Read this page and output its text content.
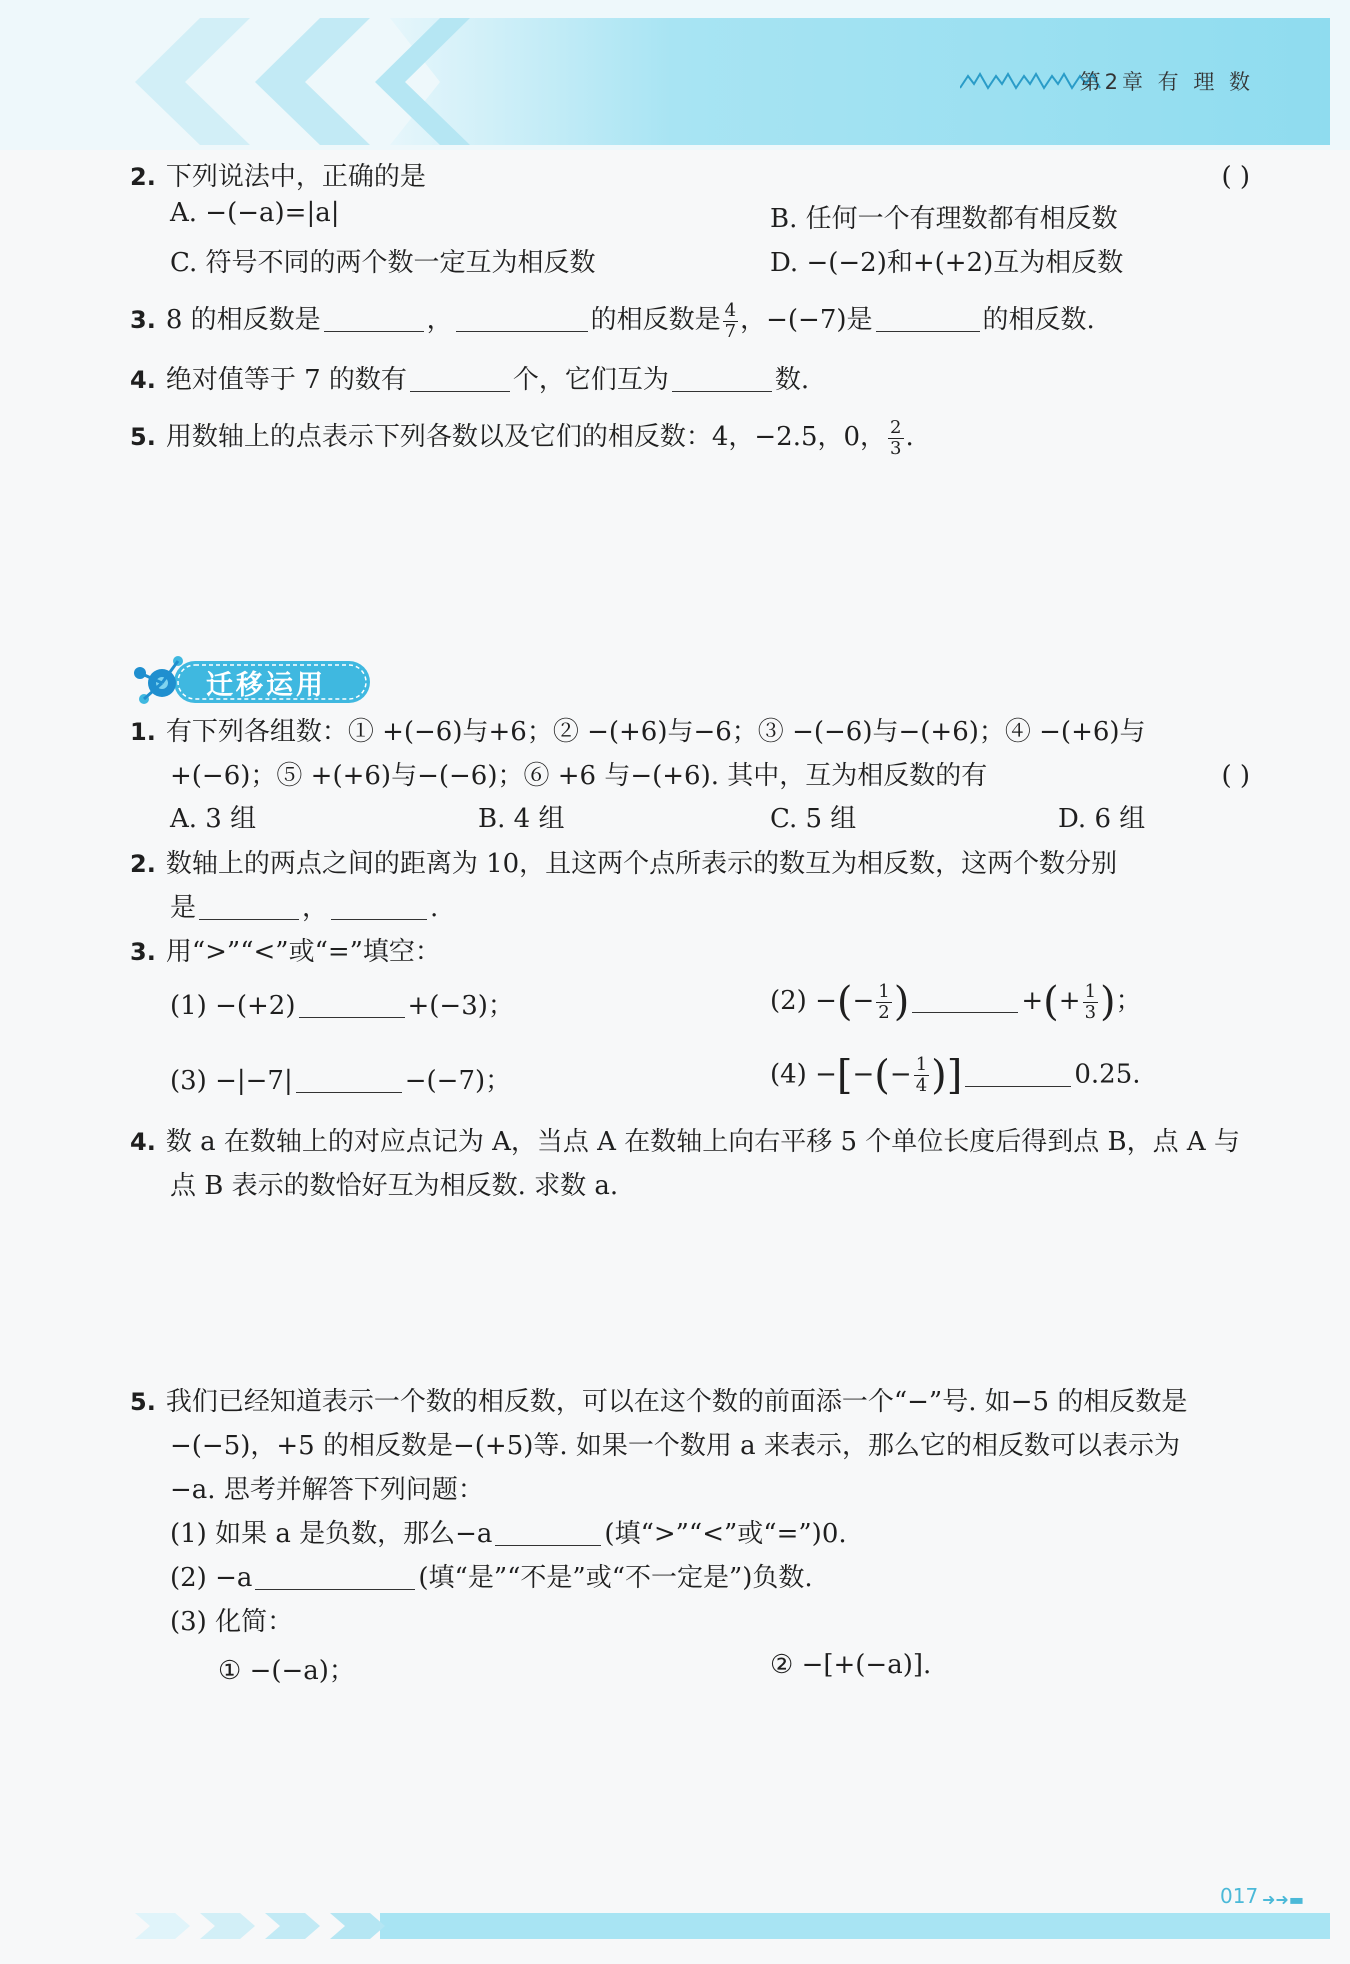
第2章 有 理 数
2. 下列说法中，正确的是	( )
A. −(−a)=|a|	B. 任何一个有理数都有相反数
C. 符号不同的两个数一定互为相反数	D. −(−2)和+(+2)互为相反数
3. 8 的相反数是	，	的相反数是 $\frac{4}{7}$ ，−(−7)是	的相反数.
4. 绝对值等于 7 的数有	个，它们互为	数.
5. 用数轴上的点表示下列各数以及它们的相反数：4，−2.5，0， $\frac{2}{3}$ .
迁移运用
1. 有下列各组数：① +(−6)与+6；② −(+6)与−6；③ −(−6)与−(+6)；④ −(+6)与
+(−6)；⑤ +(+6)与−(−6)；⑥ +6 与−(+6). 其中，互为相反数的有	( )
A. 3 组	B. 4 组	C. 5 组	D. 6 组
2. 数轴上的两点之间的距离为 10，且这两个点所表示的数互为相反数，这两个数分别
是	，	.
3. 用“>”“<”或“=”填空：
(1) −(+2)	+(−3)；	(2) −(− $\frac{1}{2}$ )	+(+ $\frac{1}{3}$ )；
(3) −|−7|	−(−7)；	(4) −[−(− $\frac{1}{4}$ )]	0.25.
4. 数 a 在数轴上的对应点记为 A，当点 A 在数轴上向右平移 5 个单位长度后得到点 B，点 A 与
点 B 表示的数恰好互为相反数. 求数 a.
5. 我们已经知道表示一个数的相反数，可以在这个数的前面添一个“−”号. 如−5 的相反数是
−(−5)，+5 的相反数是−(+5)等. 如果一个数用 a 来表示，那么它的相反数可以表示为
−a. 思考并解答下列问题：
(1) 如果 a 是负数，那么−a	(填“>”“<”或“=”)0.
(2) −a	(填“是”“不是”或“不一定是”)负数.
(3) 化简：
① −(−a)；	② −[+(−a)].
017 ➜➜▬
